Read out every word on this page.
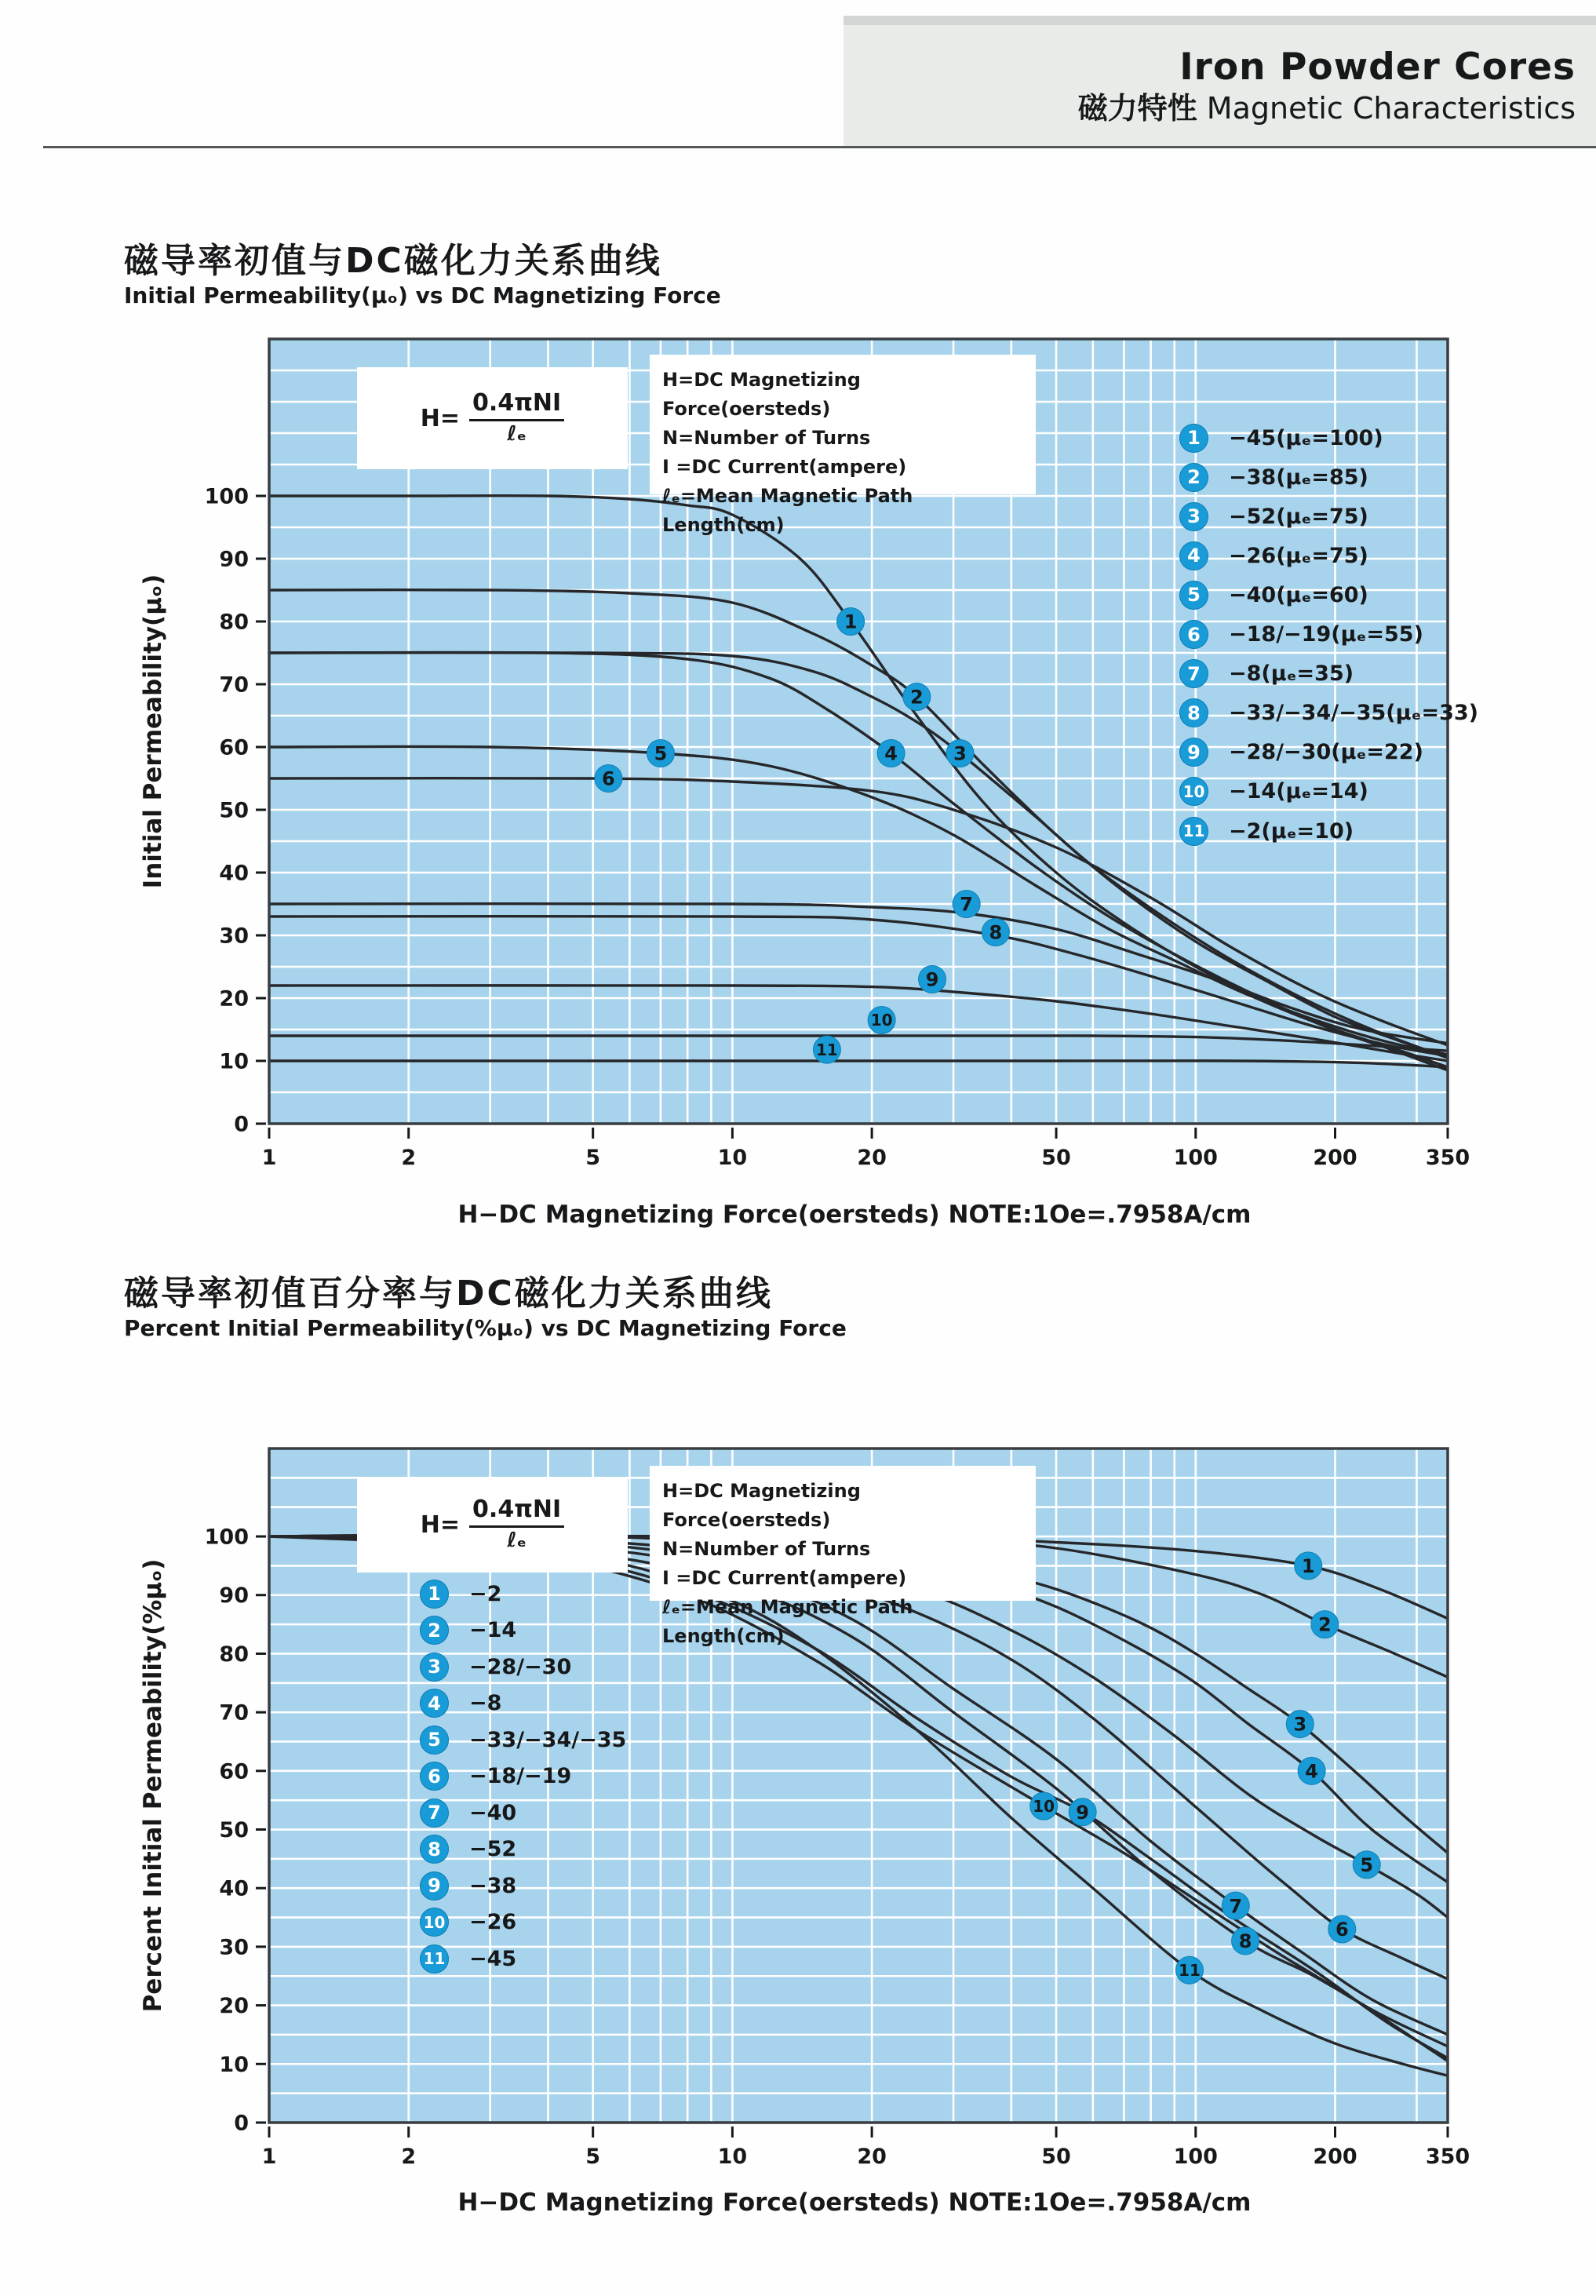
Iron Powder Cores
磁力特性 Magnetic Characteristics
磁导率初值与DC磁化力关系曲线
Initial Permeability(μₒ) vs DC Magnetizing Force
0
10
20
30
40
50
60
70
80
90
100
1	2	5	10	20	50	100	200	350
Initial Permeability(μₒ)
H−DC Magnetizing Force(oersteds) NOTE:1Oe=.7958A/cm
1
2
3
4
5
6
7
8
9
10
11
$H= \frac{\text{0.4πNI}}{\text{ℓₑ}}$
H=DC Magnetizing Force(oersteds)
N=Number of Turns
I =DC Current(ampere)
ℓₑ=Mean Magnetic Path Length(cm)
1	−45(μₑ=100)
2	−38(μₑ=85)
3	−52(μₑ=75)
4	−26(μₑ=75)
5	−40(μₑ=60)
6	−18/−19(μₑ=55)
7	−8(μₑ=35)
8	−33/−34/−35(μₑ=33)
9	−28/−30(μₑ=22)
10 −14(μₑ=14)
11 −2(μₑ=10)
磁导率初值百分率与DC磁化力关系曲线
Percent Initial Permeability(%μₒ) vs DC Magnetizing Force
0
10
20
30
40
50
60
70
80
90
100
1	2	5	10	20	50	100	200	350
Percent Initial Permeability(%μₒ)
H−DC Magnetizing Force(oersteds) NOTE:1Oe=.7958A/cm
1
2
3
4
5
6
7
8
9
10
11
$H= \frac{\text{0.4πNI}}{\text{ℓₑ}}$
H=DC Magnetizing Force(oersteds)
N=Number of Turns
I =DC Current(ampere)
ℓₑ=Mean Magnetic Path Length(cm)
1	−2
2	−14
3	−28/−30
4	−8
5	−33/−34/−35
6	−18/−19
7	−40
8	−52
9	−38
10 −26
11 −45
